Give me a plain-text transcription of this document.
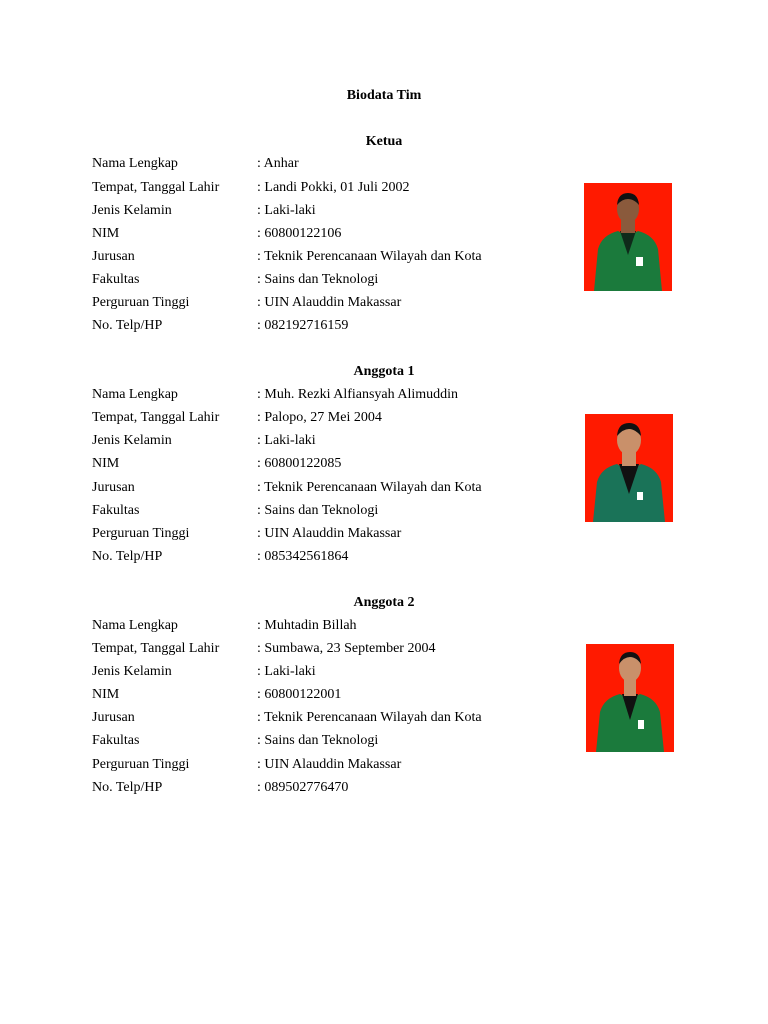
Biodata Tim
Ketua
Nama Lengkap	: Anhar
Tempat, Tanggal Lahir	: Landi Pokki, 01 Juli 2002
Jenis Kelamin	: Laki-laki
NIM	: 60800122106
Jurusan	: Teknik Perencanaan Wilayah dan Kota
Fakultas	: Sains dan Teknologi
Perguruan Tinggi	: UIN Alauddin Makassar
No. Telp/HP	: 082192716159
Anggota 1
Nama Lengkap	: Muh. Rezki Alfiansyah Alimuddin
Tempat, Tanggal Lahir	: Palopo, 27 Mei 2004
Jenis Kelamin	: Laki-laki
NIM	: 60800122085
Jurusan	: Teknik Perencanaan Wilayah dan Kota
Fakultas	: Sains dan Teknologi
Perguruan Tinggi	: UIN Alauddin Makassar
No. Telp/HP	: 085342561864
Anggota 2
Nama Lengkap	: Muhtadin Billah
Tempat, Tanggal Lahir	: Sumbawa, 23 September 2004
Jenis Kelamin	: Laki-laki
NIM	: 60800122001
Jurusan	: Teknik Perencanaan Wilayah dan Kota
Fakultas	: Sains dan Teknologi
Perguruan Tinggi	: UIN Alauddin Makassar
No. Telp/HP	: 089502776470
